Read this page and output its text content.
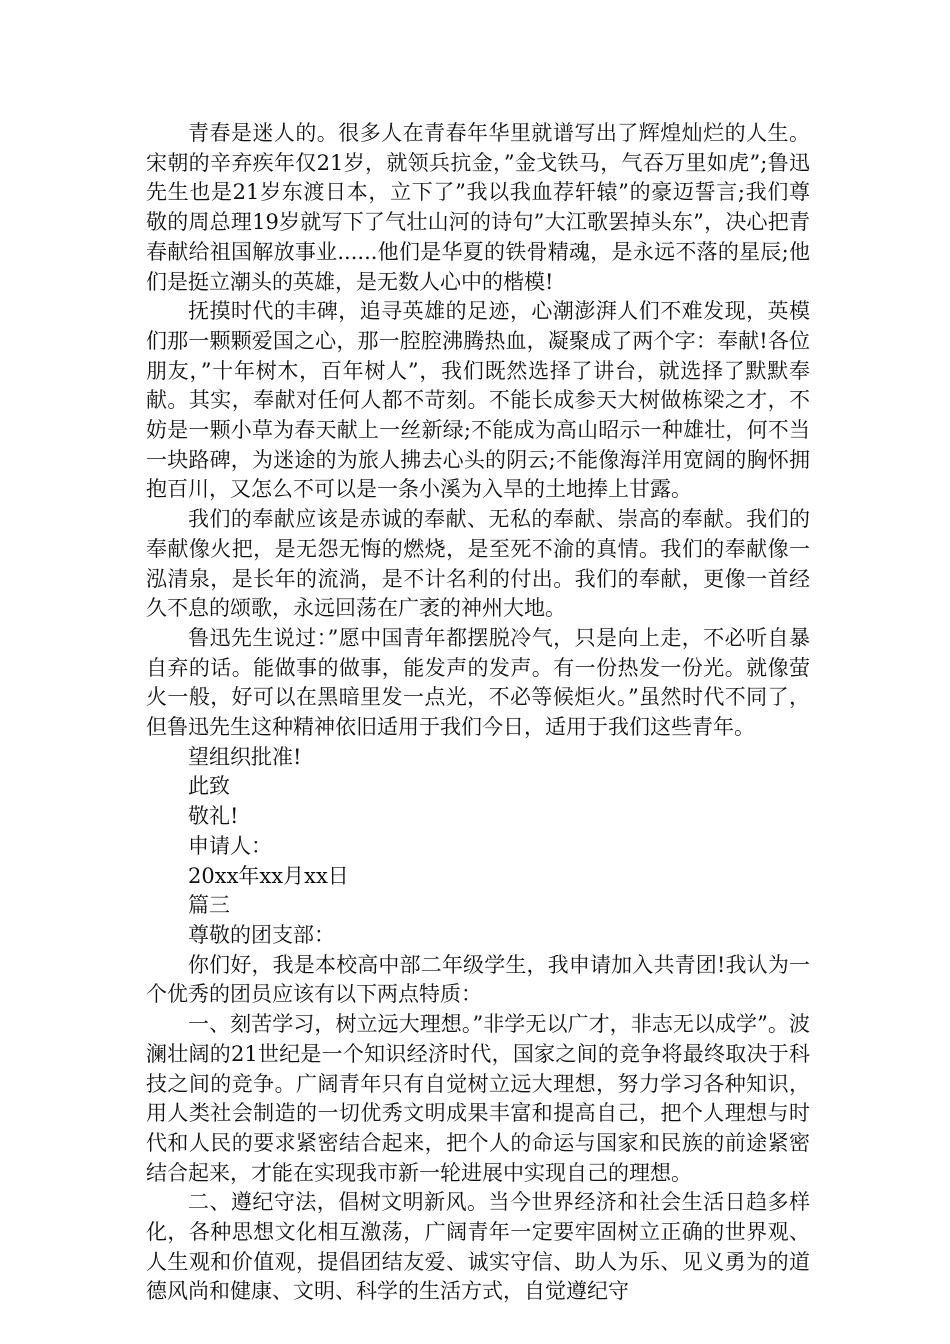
青春是迷人的。很多人在青春年华里就谱写出了辉煌灿烂的人生。宋朝的辛弃疾年仅21岁，就领兵抗金，”金戈铁马，气吞万里如虎”;鲁迅先生也是21岁东渡日本，立下了”我以我血荐轩辕”的豪迈誓言;我们尊敬的周总理19岁就写下了气壮山河的诗句”大江歌罢掉头东”，决心把青春献给祖国解放事业......他们是华夏的铁骨精魂，是永远不落的星辰;他们是挺立潮头的英雄，是无数人心中的楷模!

抚摸时代的丰碑，追寻英雄的足迹，心潮澎湃人们不难发现，英模们那一颗颗爱国之心，那一腔腔沸腾热血，凝聚成了两个字：奉献!各位朋友，”十年树木，百年树人”，我们既然选择了讲台，就选择了默默奉献。其实，奉献对任何人都不苛刻。不能长成参天大树做栋梁之才，不妨是一颗小草为春天献上一丝新绿;不能成为高山昭示一种雄壮，何不当一块路碑，为迷途的为旅人拂去心头的阴云;不能像海洋用宽阔的胸怀拥抱百川，又怎么不可以是一条小溪为入旱的土地捧上甘露。

我们的奉献应该是赤诚的奉献、无私的奉献、崇高的奉献。我们的奉献像火把，是无怨无悔的燃烧，是至死不渝的真情。我们的奉献像一泓清泉，是长年的流淌，是不计名利的付出。我们的奉献，更像一首经久不息的颂歌，永远回荡在广袤的神州大地。

鲁迅先生说过：”愿中国青年都摆脱冷气，只是向上走，不必听自暴自弃的话。能做事的做事，能发声的发声。有一份热发一份光。就像萤火一般，好可以在黑暗里发一点光，不必等候炬火。”虽然时代不同了，但鲁迅先生这种精神依旧适用于我们今日，适用于我们这些青年。

望组织批准!

此致

敬礼!

申请人：

20xx年xx月xx日

篇三

尊敬的团支部：

你们好，我是本校高中部二年级学生，我申请加入共青团!我认为一个优秀的团员应该有以下两点特质：

一、刻苦学习，树立远大理想。”非学无以广才，非志无以成学”。波澜壮阔的21世纪是一个知识经济时代，国家之间的竞争将最终取决于科技之间的竞争。广阔青年只有自觉树立远大理想，努力学习各种知识，用人类社会制造的一切优秀文明成果丰富和提高自己，把个人理想与时代和人民的要求紧密结合起来，把个人的命运与国家和民族的前途紧密结合起来，才能在实现我市新一轮进展中实现自己的理想。

二、遵纪守法，倡树文明新风。当今世界经济和社会生活日趋多样化，各种思想文化相互激荡，广阔青年一定要牢固树立正确的世界观、人生观和价值观，提倡团结友爱、诚实守信、助人为乐、见义勇为的道德风尚和健康、文明、科学的生活方式，自觉遵纪守
